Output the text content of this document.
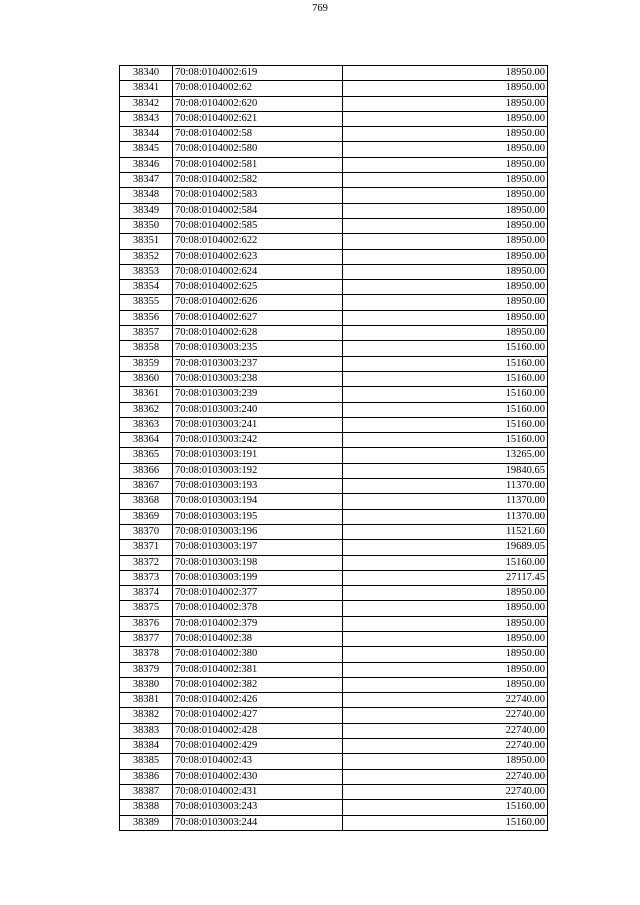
769
38340	70:08:0104002:619	18950.00
38341	70:08:0104002:62	18950.00
38342	70:08:0104002:620	18950.00
38343	70:08:0104002:621	18950.00
38344	70:08:0104002:58	18950.00
38345	70:08:0104002:580	18950.00
38346	70:08:0104002:581	18950.00
38347	70:08:0104002:582	18950.00
38348	70:08:0104002:583	18950.00
38349	70:08:0104002:584	18950.00
38350	70:08:0104002:585	18950.00
38351	70:08:0104002:622	18950.00
38352	70:08:0104002:623	18950.00
38353	70:08:0104002:624	18950.00
38354	70:08:0104002:625	18950.00
38355	70:08:0104002:626	18950.00
38356	70:08:0104002:627	18950.00
38357	70:08:0104002:628	18950.00
38358	70:08:0103003:235	15160.00
38359	70:08:0103003:237	15160.00
38360	70:08:0103003:238	15160.00
38361	70:08:0103003:239	15160.00
38362	70:08:0103003:240	15160.00
38363	70:08:0103003:241	15160.00
38364	70:08:0103003:242	15160.00
38365	70:08:0103003:191	13265.00
38366	70:08:0103003:192	19840.65
38367	70:08:0103003:193	11370.00
38368	70:08:0103003:194	11370.00
38369	70:08:0103003:195	11370.00
38370	70:08:0103003:196	11521.60
38371	70:08:0103003:197	19689.05
38372	70:08:0103003:198	15160.00
38373	70:08:0103003:199	27117.45
38374	70:08:0104002:377	18950.00
38375	70:08:0104002:378	18950.00
38376	70:08:0104002:379	18950.00
38377	70:08:0104002:38	18950.00
38378	70:08:0104002:380	18950.00
38379	70:08:0104002:381	18950.00
38380	70:08:0104002:382	18950.00
38381	70:08:0104002:426	22740.00
38382	70:08:0104002:427	22740.00
38383	70:08:0104002:428	22740.00
38384	70:08:0104002:429	22740.00
38385	70:08:0104002:43	18950.00
38386	70:08:0104002:430	22740.00
38387	70:08:0104002:431	22740.00
38388	70:08:0103003:243	15160.00
38389	70:08:0103003:244	15160.00
